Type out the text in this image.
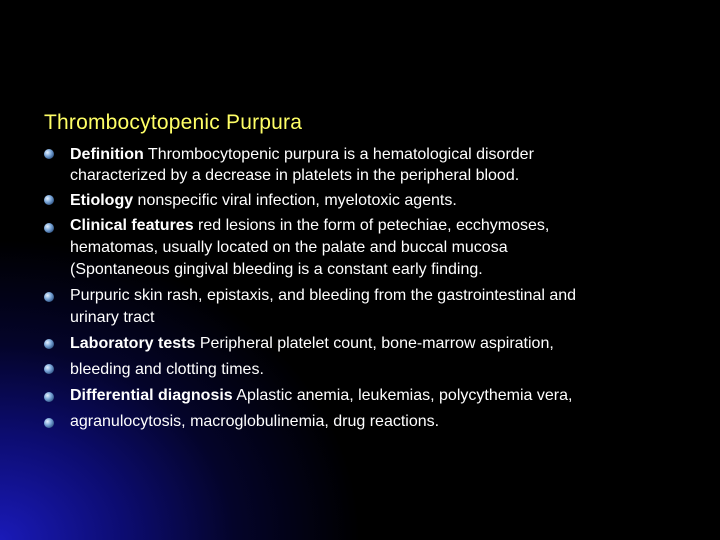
Thrombocytopenic Purpura
Definition Thrombocytopenic purpura is a hematological disorder
characterized by a decrease in platelets in the peripheral blood.
Etiology nonspecific viral infection, myelotoxic agents.
Clinical features red lesions in the form of petechiae, ecchymoses,
hematomas, usually located on the palate and buccal mucosa
(Spontaneous gingival bleeding is a constant early finding.
Purpuric skin rash, epistaxis, and bleeding from the gastrointestinal and
urinary tract
Laboratory tests Peripheral platelet count, bone-marrow aspiration,
bleeding and clotting times.
Differential diagnosis Aplastic anemia, leukemias, polycythemia vera,
agranulocytosis, macroglobulinemia, drug reactions.
